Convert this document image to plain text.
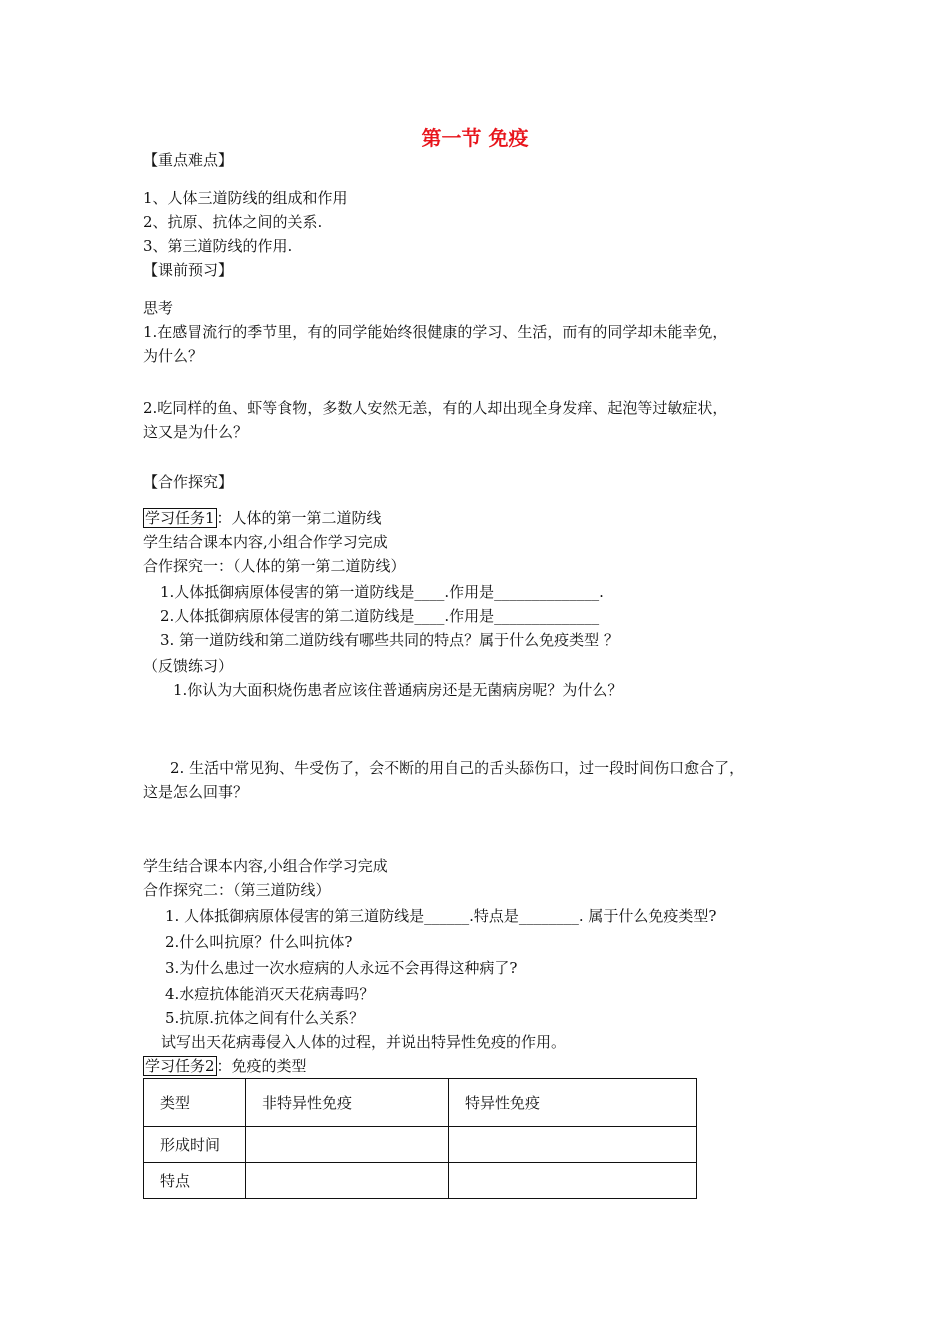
第一节 免疫
【重点难点】
1、人体三道防线的组成和作用
2、抗原、抗体之间的关系.
3、第三道防线的作用.
【课前预习】
思考
1.在感冒流行的季节里，有的同学能始终很健康的学习、生活，而有的同学却未能幸免，
为什么？
2.吃同样的鱼、虾等食物，多数人安然无恙，有的人却出现全身发痒、起泡等过敏症状，
这又是为什么？
【合作探究】
学习任务1 ：人体的第一第二道防线
学生结合课本内容,小组合作学习完成
合作探究一：（人体的第一第二道防线）
1.人体抵御病原体侵害的第一道防线是____.作用是______________.
2.人体抵御病原体侵害的第二道防线是____.作用是______________
3. 第一道防线和第二道防线有哪些共同的特点？属于什么免疫类型 ？
（反馈练习）
1.你认为大面积烧伤患者应该住普通病房还是无菌病房呢？为什么？
2. 生活中常见狗、牛受伤了，会不断的用自己的舌头舔伤口，过一段时间伤口愈合了，
这是怎么回事？
学生结合课本内容,小组合作学习完成
合作探究二：（第三道防线）
1. 人体抵御病原体侵害的第三道防线是______.特点是________. 属于什么免疫类型?
2.什么叫抗原？什么叫抗体?
3.为什么患过一次水痘病的人永远不会再得这种病了?
4.水痘抗体能消灭天花病毒吗？
5.抗原.抗体之间有什么关系？
试写出天花病毒侵入人体的过程，并说出特异性免疫的作用。
学习任务2 ：免疫的类型
类型	非特异性免疫	特异性免疫
形成时间		
特点		
